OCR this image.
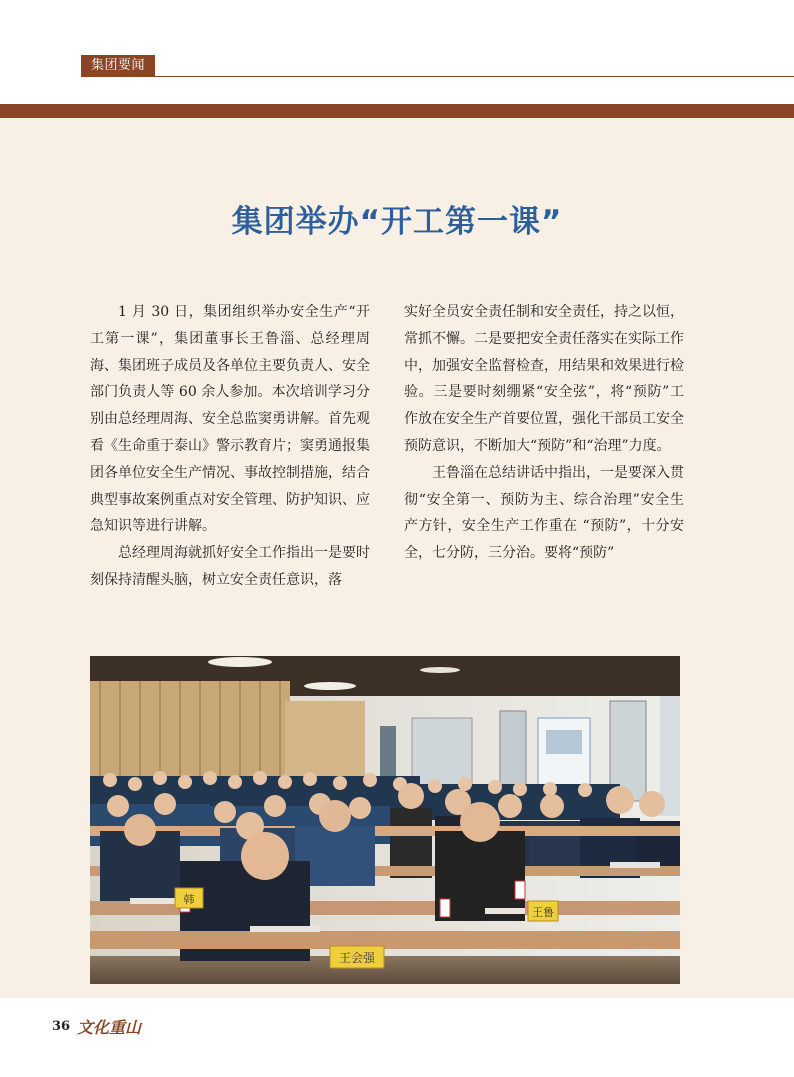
集团要闻
集团举办“开工第一课”

1 月 30 日，集团组织举办安全生产“开工第一课”，集团董事长王鲁淄、总经理周海、集团班子成员及各单位主要负责人、安全部门负责人等 60 余人参加。本次培训学习分别由总经理周海、安全总监窦勇讲解。首先观看《生命重于泰山》警示教育片；窦勇通报集团各单位安全生产情况、事故控制措施，结合典型事故案例重点对安全管理、防护知识、应急知识等进行讲解。

总经理周海就抓好安全工作指出一是要时刻保持清醒头脑，树立安全责任意识，落

实好全员安全责任制和安全责任，持之以恒，常抓不懈。二是要把安全责任落实在实际工作中，加强安全监督检查，用结果和效果进行检验。三是要时刻绷紧“安全弦”，将“预防”工作放在安全生产首要位置，强化干部员工安全预防意识，不断加大“预防”和“治理”力度。

王鲁淄在总结讲话中指出，一是要深入贯彻“安全第一、预防为主、综合治理”安全生产方针，安全生产工作重在 “预防”，十分安全，七分防，三分治。要将“预防”

王会强
王鲁
韩
36 文化重山
